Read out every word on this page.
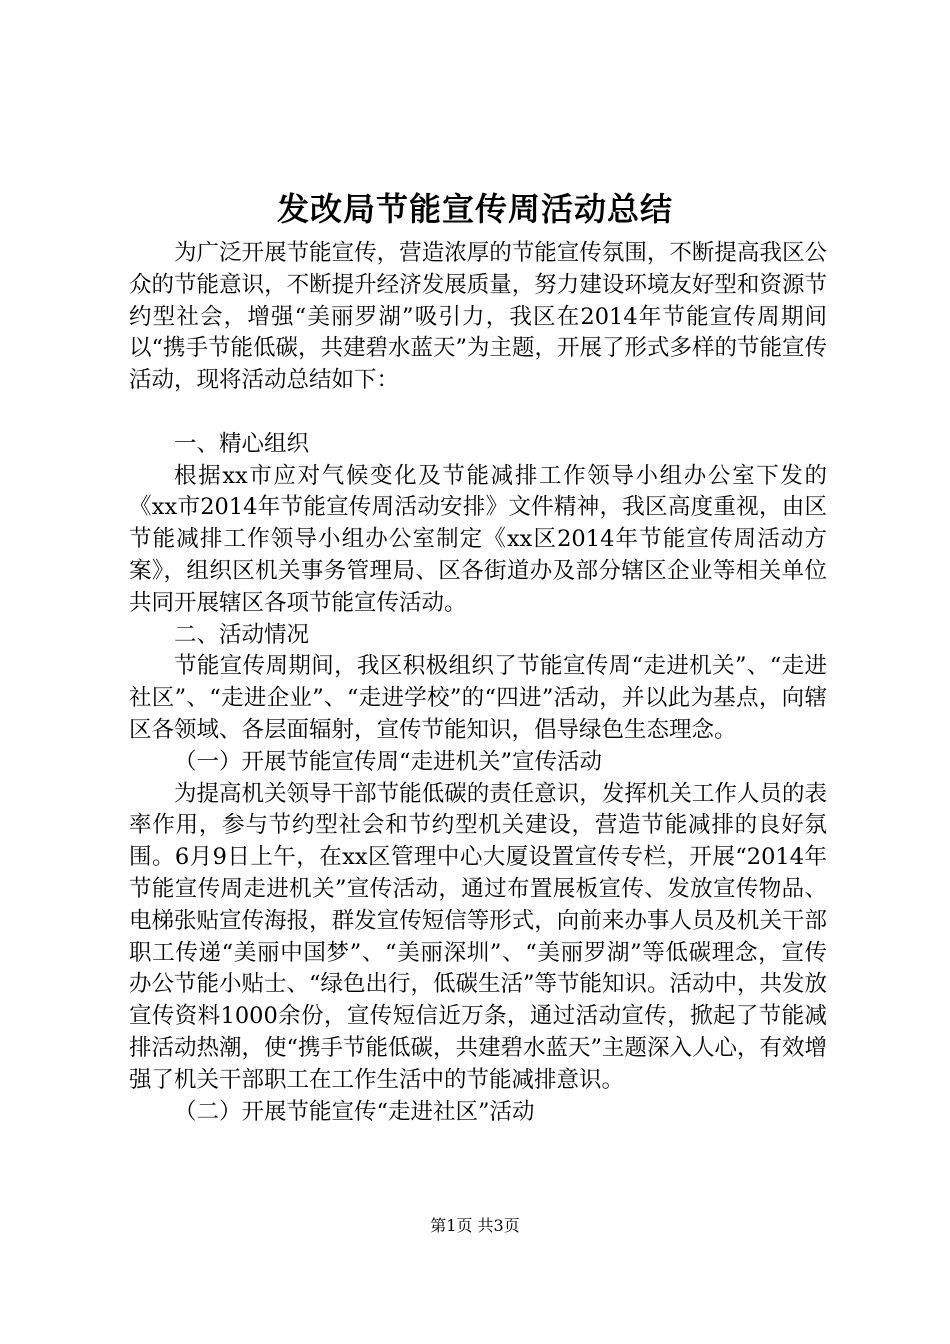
发改局节能宣传周活动总结

为广泛开展节能宣传，营造浓厚的节能宣传氛围，不断提高我区公众的节能意识，不断提升经济发展质量，努力建设环境友好型和资源节约型社会，增强“美丽罗湖”吸引力，我区在2014年节能宣传周期间以“携手节能低碳，共建碧水蓝天”为主题，开展了形式多样的节能宣传活动，现将活动总结如下：

一、精心组织

根据xx市应对气候变化及节能减排工作领导小组办公室下发的《xx市2014年节能宣传周活动安排》文件精神，我区高度重视，由区节能减排工作领导小组办公室制定《xx区2014年节能宣传周活动方案》，组织区机关事务管理局、区各街道办及部分辖区企业等相关单位共同开展辖区各项节能宣传活动。

二、活动情况

节能宣传周期间，我区积极组织了节能宣传周“走进机关”、“走进社区”、“走进企业”、“走进学校”的“四进”活动，并以此为基点，向辖区各领域、各层面辐射，宣传节能知识，倡导绿色生态理念。

（一）开展节能宣传周“走进机关”宣传活动

为提高机关领导干部节能低碳的责任意识，发挥机关工作人员的表率作用，参与节约型社会和节约型机关建设，营造节能减排的良好氛围。6月9日上午，在xx区管理中心大厦设置宣传专栏，开展“2014年节能宣传周走进机关”宣传活动，通过布置展板宣传、发放宣传物品、电梯张贴宣传海报，群发宣传短信等形式，向前来办事人员及机关干部职工传递“美丽中国梦”、“美丽深圳”、“美丽罗湖”等低碳理念，宣传办公节能小贴士、“绿色出行，低碳生活”等节能知识。活动中，共发放宣传资料1000余份，宣传短信近万条，通过活动宣传，掀起了节能减排活动热潮，使“携手节能低碳，共建碧水蓝天”主题深入人心，有效增强了机关干部职工在工作生活中的节能减排意识。

（二）开展节能宣传“走进社区”活动

第1页 共3页
